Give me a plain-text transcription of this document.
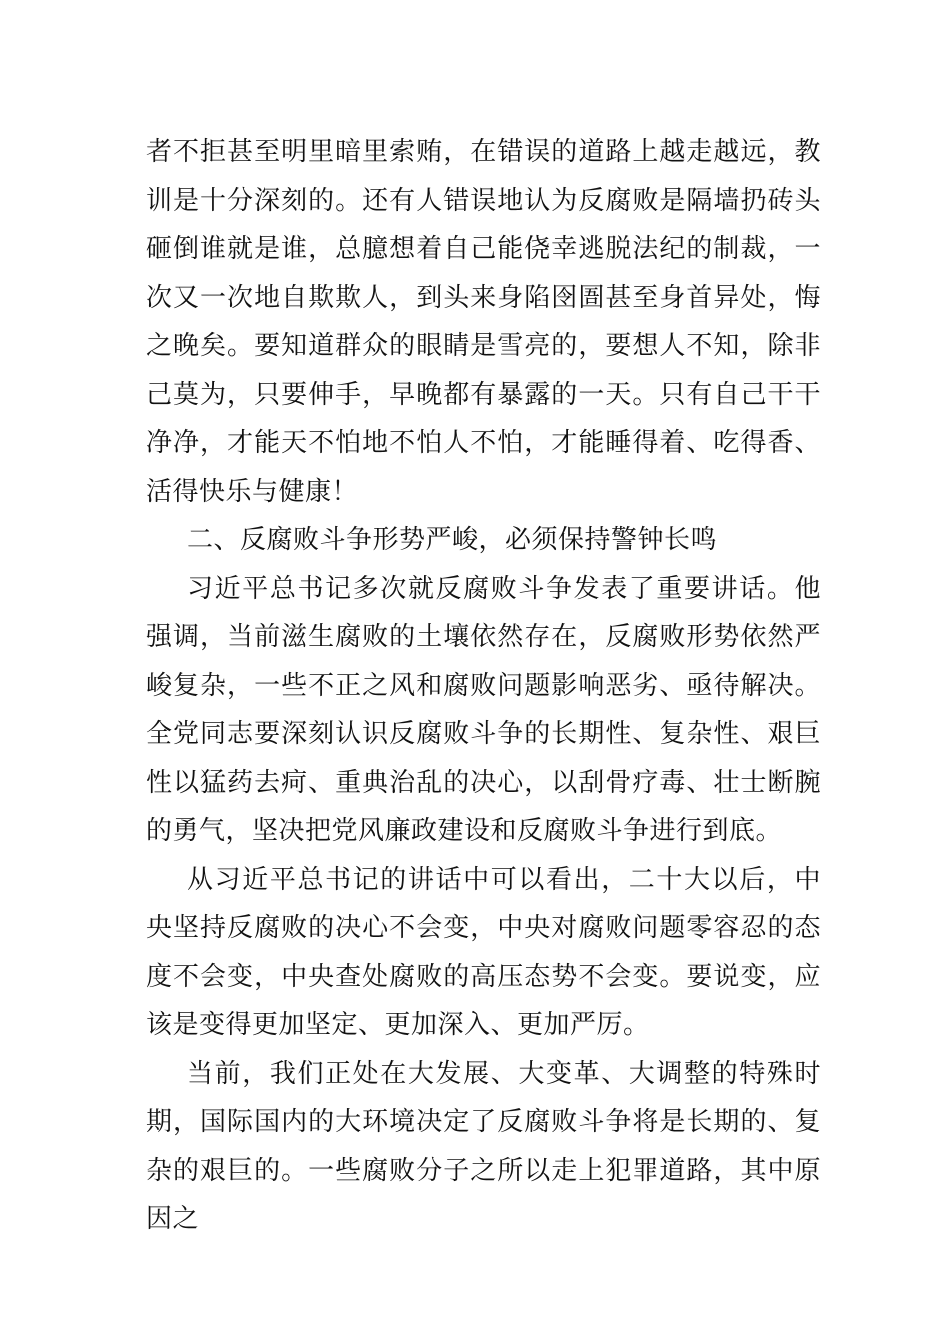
者不拒甚至明里暗里索贿，在错误的道路上越走越远，教训是十分深刻的。还有人错误地认为反腐败是隔墙扔砖头砸倒谁就是谁，总臆想着自己能侥幸逃脱法纪的制裁，一次又一次地自欺欺人，到头来身陷囹圄甚至身首异处，悔之晚矣。要知道群众的眼睛是雪亮的，要想人不知，除非己莫为，只要伸手，早晚都有暴露的一天。只有自己干干净净，才能天不怕地不怕人不怕，才能睡得着、吃得香、活得快乐与健康！

二、反腐败斗争形势严峻，必须保持警钟长鸣

习近平总书记多次就反腐败斗争发表了重要讲话。他强调，当前滋生腐败的土壤依然存在，反腐败形势依然严峻复杂，一些不正之风和腐败问题影响恶劣、亟待解决。全党同志要深刻认识反腐败斗争的长期性、复杂性、艰巨性以猛药去疴、重典治乱的决心，以刮骨疗毒、壮士断腕的勇气，坚决把党风廉政建设和反腐败斗争进行到底。

从习近平总书记的讲话中可以看出，二十大以后，中央坚持反腐败的决心不会变，中央对腐败问题零容忍的态度不会变，中央查处腐败的高压态势不会变。要说变，应该是变得更加坚定、更加深入、更加严厉。

当前，我们正处在大发展、大变革、大调整的特殊时期，国际国内的大环境决定了反腐败斗争将是长期的、复杂的艰巨的。一些腐败分子之所以走上犯罪道路，其中原因之
